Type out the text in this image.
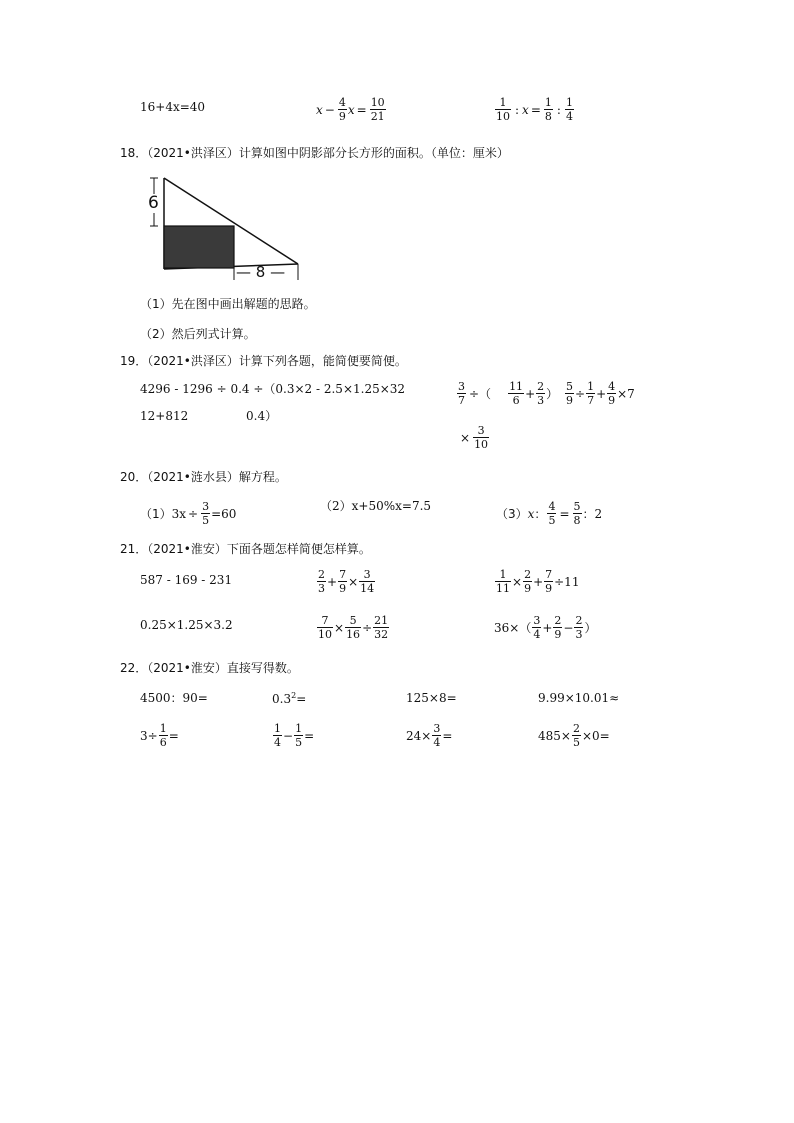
16+4x=40	$x - \frac{4}{9}$ $x = \frac{10}{21}$	$\frac{1}{10}$ : $x = \frac{1}{8}$ : $\frac{1}{4}$
18．（2021•洪泽区）计算如图中阴影部分长方形的面积。（单位：厘米）
6
— 8 —
（1）先在图中画出解题的思路。
（2）然后列式计算。
19．（2021•洪泽区）计算下列各题，能简便要简便。
4296 - 1296 ÷ 0.4 ÷（0.3×2 - 2.5×1.25×32
12+812	0.4）
$\frac{3}{7}$ ÷（ $\frac{11}{6} + \frac{2}{3}$ ） $\frac{5}{9} \div \frac{1}{7} + \frac{4}{9} \times 7$
× $\frac{3}{10}$
20．（2021•涟水县）解方程。
（1） $3x \div \frac{3}{5} =60$
（2）x+50%x=7.5
（3） x ： $\frac{4}{5} = \frac{5}{8}$ ： 2
21．（2021•淮安）下面各题怎样简便怎样算。
587 - 169 - 231	$\frac{2}{3} + \frac{7}{9} \times \frac{3}{14}$	$\frac{1}{11} \times \frac{2}{9} + \frac{7}{9} \div 11$
0.25×1.25×3.2	$\frac{7}{10} \times \frac{5}{16} \div \frac{21}{32}$	$36\times( \frac{3}{4} + \frac{2}{9} - \frac{2}{3}$ ）
22．（2021•淮安）直接写得数。
4500：90=	$0.3^2=$	125×8=	9.99×10.01≈
$3\div \frac{1}{6}$ =	$\frac{1}{4} - \frac{1}{5}$ =	$24\times \frac{3}{4}$ =	$485\times \frac{2}{5} \times 0=$
